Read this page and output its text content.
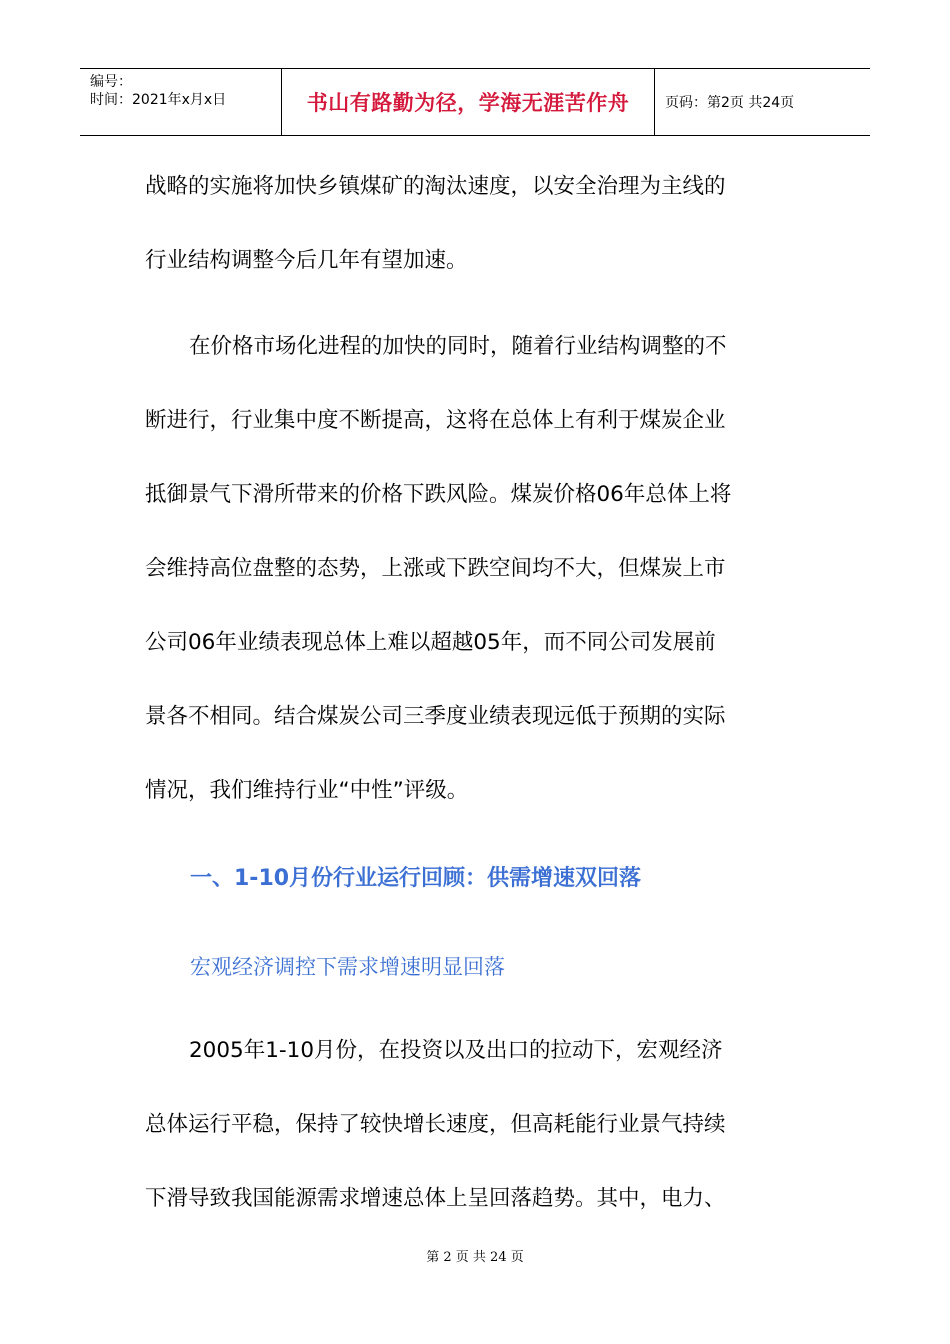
编号：
时间：2021年x月x日	书山有路勤为径，学海无涯苦作舟	页码：第2页 共24页
战略的实施将加快乡镇煤矿的淘汰速度，以安全治理为主线的
行业结构调整今后几年有望加速。
在价格市场化进程的加快的同时，随着行业结构调整的不
断进行，行业集中度不断提高，这将在总体上有利于煤炭企业
抵御景气下滑所带来的价格下跌风险。煤炭价格06年总体上将
会维持高位盘整的态势，上涨或下跌空间均不大，但煤炭上市
公司06年业绩表现总体上难以超越05年，而不同公司发展前
景各不相同。结合煤炭公司三季度业绩表现远低于预期的实际
情况，我们维持行业“中性”评级。
一、1-10月份行业运行回顾：供需增速双回落
宏观经济调控下需求增速明显回落
2005年1-10月份，在投资以及出口的拉动下，宏观经济
总体运行平稳，保持了较快增长速度，但高耗能行业景气持续
下滑导致我国能源需求增速总体上呈回落趋势。其中，电力、
第 2 页 共 24 页
